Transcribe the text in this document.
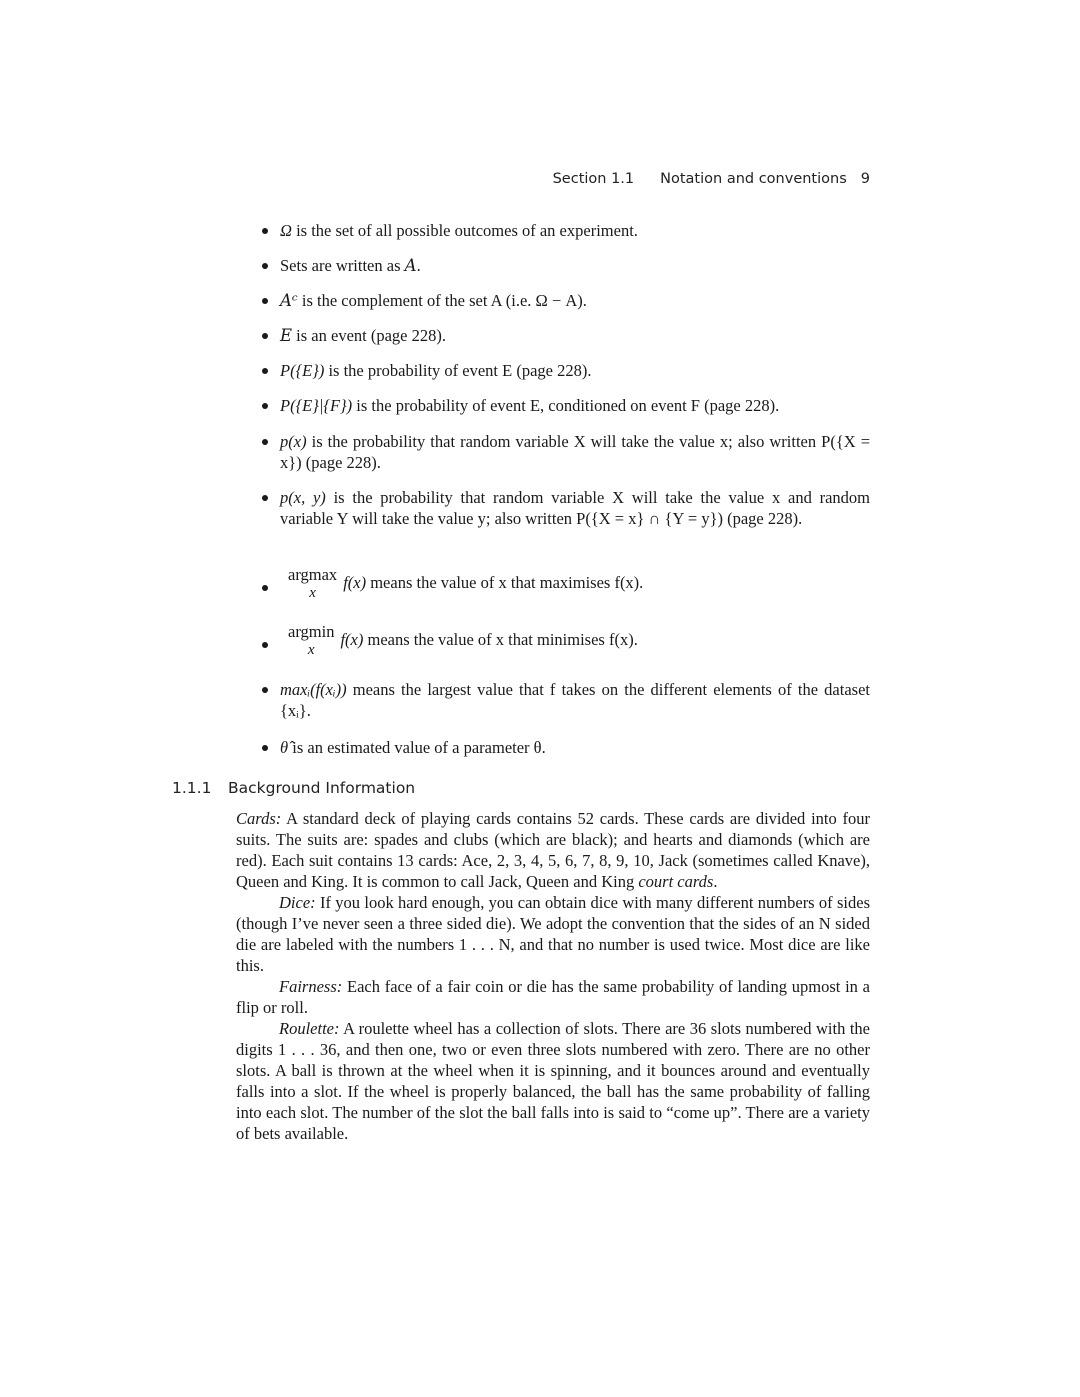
Section 1.1 Notation and conventions 9
Ω is the set of all possible outcomes of an experiment.
Sets are written as A.
Aᶜ is the complement of the set A (i.e. Ω − A).
E is an event (page 228).
P({E}) is the probability of event E (page 228).
P({E}|{F}) is the probability of event E, conditioned on event F (page 228).
p(x) is the probability that random variable X will take the value x; also written P({X = x}) (page 228).
p(x, y) is the probability that random variable X will take the value x and random variable Y will take the value y; also written P({X = x} ∩ {Y = y}) (page 228).
argmax
x
f(x) means the value of x that maximises f(x).
argmin
x
f(x) means the value of x that minimises f(x).
maxᵢ(f(xᵢ)) means the largest value that f takes on the different elements of the dataset {xᵢ}.
θ̂ is an estimated value of a parameter θ.
1.1.1 Background Information

Cards: A standard deck of playing cards contains 52 cards. These cards are divided into four suits. The suits are: spades and clubs (which are black); and hearts and diamonds (which are red). Each suit contains 13 cards: Ace, 2, 3, 4, 5, 6, 7, 8, 9, 10, Jack (sometimes called Knave), Queen and King. It is common to call Jack, Queen and King court cards.

Dice: If you look hard enough, you can obtain dice with many different numbers of sides (though I’ve never seen a three sided die). We adopt the convention that the sides of an N sided die are labeled with the numbers 1 . . . N, and that no number is used twice. Most dice are like this.

Fairness: Each face of a fair coin or die has the same probability of landing upmost in a flip or roll.

Roulette: A roulette wheel has a collection of slots. There are 36 slots numbered with the digits 1 . . . 36, and then one, two or even three slots numbered with zero. There are no other slots. A ball is thrown at the wheel when it is spinning, and it bounces around and eventually falls into a slot. If the wheel is properly balanced, the ball has the same probability of falling into each slot. The number of the slot the ball falls into is said to “come up”. There are a variety of bets available.
